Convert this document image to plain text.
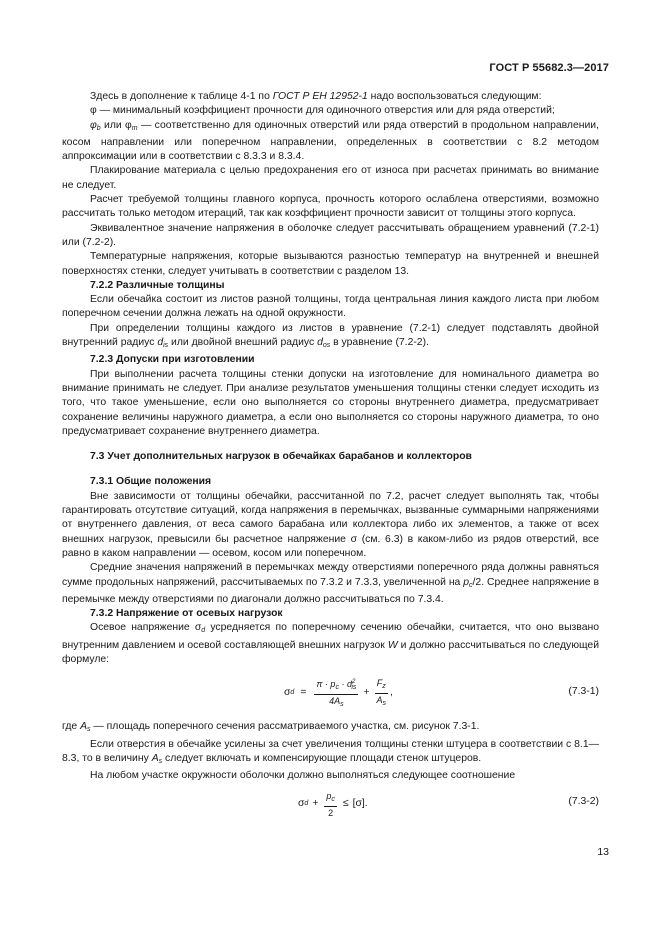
ГОСТ Р 55682.3—2017

Здесь в дополнение к таблице 4-1 по ГОСТ Р ЕН 12952-1 надо воспользоваться следующим:

φ — минимальный коэффициент прочности для одиночного отверстия или для ряда отверстий;

$\varphi_b$ или $\varphi_m$ — соответственно для одиночных отверстий или ряда отверстий в продольном направлении, косом направлении или поперечном направлении, определенных в соответствии с 8.2 методом аппроксимации или в соответствии с 8.3.3 и 8.3.4.

Плакирование материала с целью предохранения его от износа при расчетах принимать во внимание не следует.

Расчет требуемой толщины главного корпуса, прочность которого ослаблена отверстиями, возможно рассчитать только методом итераций, так как коэффициент прочности зависит от толщины этого корпуса.

Эквивалентное значение напряжения в оболочке следует рассчитывать обращением уравнений (7.2-1) или (7.2-2).

Температурные напряжения, которые вызываются разностью температур на внутренней и внешней поверхностях стенки, следует учитывать в соответствии с разделом 13.

7.2.2 Различные толщины

Если обечайка состоит из листов разной толщины, тогда центральная линия каждого листа при любом поперечном сечении должна лежать на одной окружности.

При определении толщины каждого из листов в уравнение (7.2-1) следует подставлять двойной внутренний радиус $d_{is}$ или двойной внешний радиус $d_{os}$ в уравнение (7.2-2).

7.2.3 Допуски при изготовлении

При выполнении расчета толщины стенки допуски на изготовление для номинального диаметра во внимание принимать не следует. При анализе результатов уменьшения толщины стенки следует исходить из того, что такое уменьшение, если оно выполняется со стороны внутреннего диаметра, предусматривает сохранение величины наружного диаметра, а если оно выполняется со стороны наружного диаметра, то оно предусматривает сохранение внутреннего диаметра.

7.3 Учет дополнительных нагрузок в обечайках барабанов и коллекторов

7.3.1 Общие положения

Вне зависимости от толщины обечайки, рассчитанной по 7.2, расчет следует выполнять так, чтобы гарантировать отсутствие ситуаций, когда напряжения в перемычках, вызванные суммарными напряжениями от внутреннего давления, от веса самого барабана или коллектора либо их элементов, а также от всех внешних нагрузок, превысили бы расчетное напряжение σ (см. 6.3) в каком-либо из рядов отверстий, все равно в каком направлении — осевом, косом или поперечном.

Средние значения напряжений в перемычках между отверстиями поперечного ряда должны равняться сумме продольных напряжений, рассчитываемых по 7.3.2 и 7.3.3, увеличенной на $p_c/2$. Среднее напряжение в перемычке между отверстиями по диагонали должно рассчитываться по 7.3.4.

7.3.2 Напряжение от осевых нагрузок

Осевое напряжение $\sigma_d$ усредняется по поперечному сечению обечайки, считается, что оно вызвано внутренним давлением и осевой составляющей внешних нагрузок W и должно рассчитываться по следующей формуле:

σ $d = \frac{\pi \cdot p_c \cdot d^2_{is}}{4A_s} + \frac{F_z}{A_s}$ ,	(7.3-1)

где $A_s$ — площадь поперечного сечения рассматриваемого участка, см. рисунок 7.3-1.

Если отверстия в обечайке усилены за счет увеличения толщины стенки штуцера в соответствии с 8.1—8.3, то в величину $A_s$ следует включать и компенсирующие площади стенок штуцеров.

На любом участке окружности оболочки должно выполняться следующее соотношение

σ $d + \frac{p_c}{2} \le [\sigma]$.	(7.3-2)
13
